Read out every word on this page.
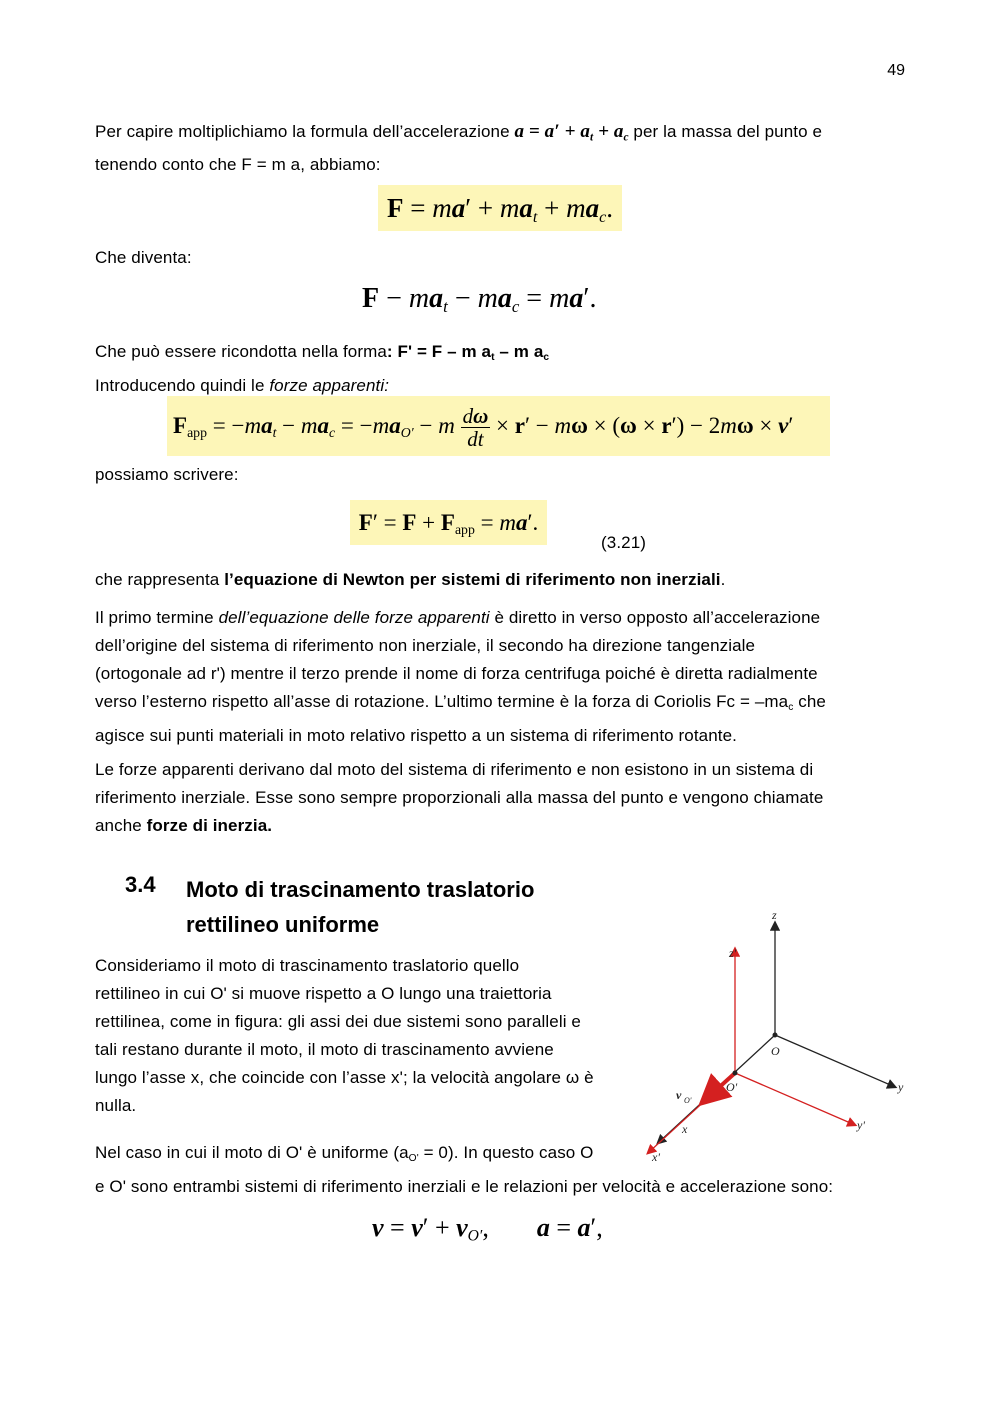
49
Per capire moltiplichiamo la formula dell’accelerazione $a = a' + a_t + a_c$ per la massa del punto e
tenendo conto che F = m a, abbiamo:
$F = ma' + ma_t + ma_c$.
Che diventa:
$F - ma_t - ma_c = ma'$.
Che può essere ricondotta nella forma: F' = F – m $a_t$ – m $a_c$
Introducendo quindi le forze apparenti:
$F_{app} = -ma_t - ma_c = -ma_{O'} - m \frac{d\omega}{dt} \times r' - m\omega \times (\omega \times r') - 2m\omega \times v'$
possiamo scrivere:
$F' = F + F_{app} = ma'$.
(3.21)
che rappresenta l’equazione di Newton per sistemi di riferimento non inerziali.
Il primo termine dell’equazione delle forze apparenti è diretto in verso opposto all’accelerazione
dell’origine del sistema di riferimento non inerziale, il secondo ha direzione tangenziale
(ortogonale ad r') mentre il terzo prende il nome di forza centrifuga poiché è diretta radialmente
verso l’esterno rispetto all’asse di rotazione. L’ultimo termine è la forza di Coriolis $Fc = -ma_c$ che
agisce sui punti materiali in moto relativo rispetto a un sistema di riferimento rotante.
Le forze apparenti derivano dal moto del sistema di riferimento e non esistono in un sistema di
riferimento inerziale. Esse sono sempre proporzionali alla massa del punto e vengono chiamate
anche forze di inerzia.
3.4 Moto di trascinamento traslatorio
rettilineo uniforme
Consideriamo il moto di trascinamento traslatorio quello
rettilineo in cui O' si muove rispetto a O lungo una traiettoria
rettilinea, come in figura: gli assi dei due sistemi sono paralleli e
tali restano durante il moto, il moto di trascinamento avviene
lungo l’asse x, che coincide con l’asse x'; la velocità angolare ω è
nulla.
Nel caso in cui il moto di O' è uniforme $(a_{O'} = 0)$. In questo caso O
e O' sono entrambi sistemi di riferimento inerziali e le relazioni per velocità e accelerazione sono:
$v = v' + v_{O'}$, a = a′,
z
z'
O
O'	y
y'
x
x'
v O'
